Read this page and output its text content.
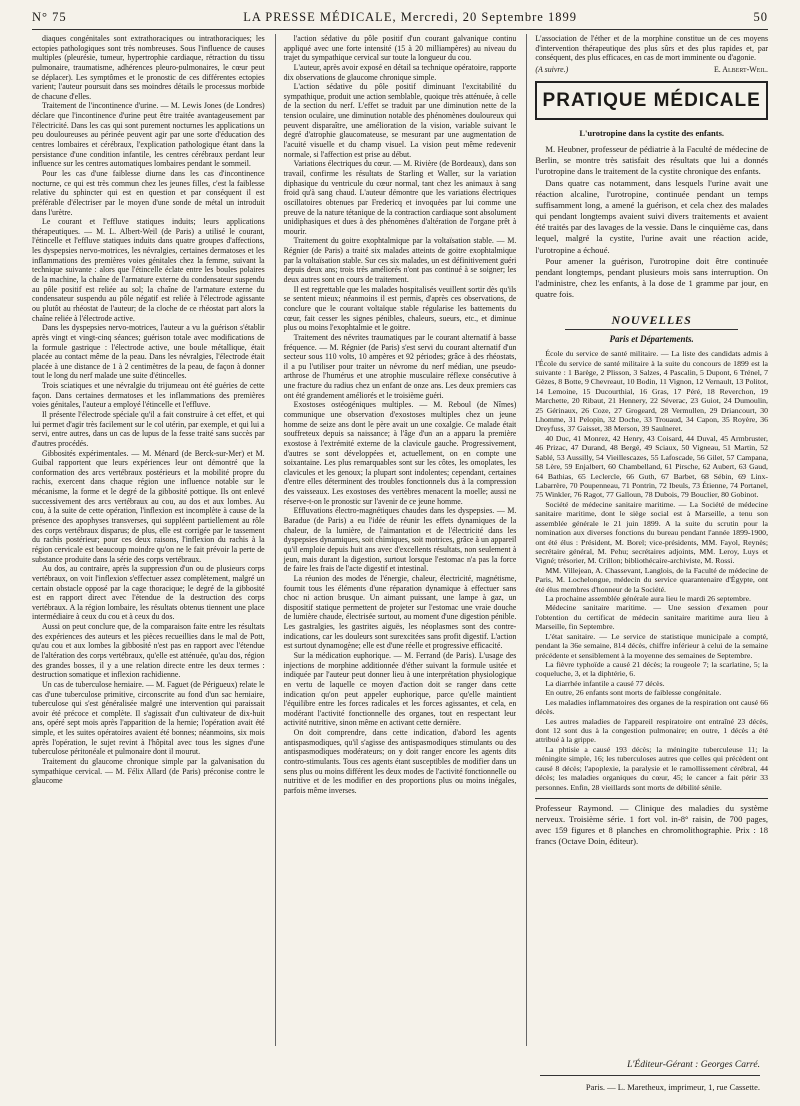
N° 75	LA PRESSE MÉDICALE, Mercredi, 20 Septembre 1899	50

diaques congénitales sont extrathoraciques ou intrathoraciques; les ectopies pathologiques sont très nombreuses. Sous l'influence de causes multiples (pleurésie, tumeur, hypertrophie cardiaque, rétraction du tissu pulmonaire, traumatisme, adhérences pleuro-pulmonaires, le cœur peut se déplacer). Les symptômes et le pronostic de ces différentes ectopies varient; l'auteur poursuit dans ses moindres détails le processus morbide de chacune d'elles.

Traitement de l'incontinence d'urine. — M. Lewis Jones (de Londres) déclare que l'incontinence d'urine peut être traitée avantageusement par l'électricité. Dans les cas qui sont purement nocturnes les applications un peu douloureuses au périnée peuvent agir par une sorte d'éducation des centres lombaires et cérébraux, l'explication pathologique étant dans la persistance d'une condition infantile, les centres cérébraux perdant leur influence sur les centres automatiques lombaires pendant le sommeil.

Pour les cas d'une faiblesse diurne dans les cas d'incontinence nocturne, ce qui est très commun chez les jeunes filles, c'est la faiblesse relative du sphincter qui est en question et par conséquent il est préférable d'électriser par le moyen d'une sonde de métal un introduit dans l'urètre.

Le courant et l'effluve statiques induits; leurs applications thérapeutiques. — M. L. Albert-Weil (de Paris) a utilisé le courant, l'étincelle et l'effluve statiques induits dans quatre groupes d'affections, les dyspepsies nervo-motrices, les névralgies, certaines dermatoses et les inflammations des premières voies génitales chez la femme, suivant la technique suivante : alors que l'étincelle éclate entre les boules polaires de la machine, la chaîne de l'armature externe du condensateur suspendu au pôle positif est reliée au sol; la chaîne de l'armature externe du condensateur suspendu au pôle négatif est reliée à l'électrode agissante ou plutôt au rhéostat de l'auteur; de la cloche de ce rhéostat part alors la chaîne reliée à l'électrode active.

Dans les dyspepsies nervo-motrices, l'auteur a vu la guérison s'établir après vingt et vingt-cinq séances; guérison totale avec modifications de la formule gastrique : l'électrode active, une boule métallique, était placée au contact même de la peau. Dans les névralgies, l'électrode était placée à une distance de 1 à 2 centimètres de la peau, de façon à donner tout le long du nerf malade une suite d'étincelles.

Trois sciatiques et une névralgie du trijumeau ont été guéries de cette façon. Dans certaines dermatoses et les inflammations des premières voies génitales, l'auteur a employé l'étincelle et l'effluve.

Il présente l'électrode spéciale qu'il a fait construire à cet effet, et qui lui permet d'agir très facilement sur le col utérin, par exemple, et qui lui a servi, entre autres, dans un cas de lupus de la fesse traité sans succès par d'autres procédés.

Gibbosités expérimentales. — M. Ménard (de Berck-sur-Mer) et M. Guibal rapportent que leurs expériences leur ont démontré que la conformation des arcs vertébraux postérieurs et la mobilité propre du rachis, exercent dans chaque région une influence notable sur le mécanisme, la forme et le degré de la gibbosité pottique. Ils ont enlevé successivement des arcs vertébraux au cou, au dos et aux lombes. Au cou, à la suite de cette opération, l'inflexion est incomplète à cause de la présence des apophyses transverses, qui suppléent partiellement au rôle des corps vertébraux disparus; de plus, elle est corrigée par le tassement du rachis postérieur; pour ces deux raisons, l'inflexion du rachis à la région cervicale est beaucoup moindre qu'on ne le fait prévoir la perte de substance produite dans la série des corps vertébraux.

Au dos, au contraire, après la suppression d'un ou de plusieurs corps vertébraux, on voit l'inflexion s'effectuer assez complètement, malgré un certain obstacle opposé par la cage thoracique; le degré de la gibbosité est en rapport direct avec l'étendue de la destruction des corps vertébraux. A la région lombaire, les résultats obtenus tiennent une place intermédiaire à ceux du cou et à ceux du dos.

Aussi on peut conclure que, de la comparaison faite entre les résultats des expériences des auteurs et les pièces recueillies dans le mal de Pott, qu'au cou et aux lombes la gibbosité n'est pas en rapport avec l'étendue de l'altération des corps vertébraux, qu'elle est atténuée, qu'au dos, région des grandes bosses, il y a une relation directe entre les deux termes : destruction somatique et inflexion rachidienne.

Un cas de tuberculose herniaire. — M. Faguet (de Périgueux) relate le cas d'une tuberculose primitive, circonscrite au fond d'un sac herniaire, tuberculose qui s'est généralisée malgré une intervention qui paraissait avoir été précoce et complète. Il s'agissait d'un cultivateur de dix-huit ans, opéré sept mois après l'apparition de la hernie; l'opération avait été simple, et les suites opératoires avaient été bonnes; néanmoins, six mois après l'opération, le sujet revint à l'hôpital avec tous les signes d'une tuberculose péritonéale et pulmonaire dont il mourut.

Traitement du glaucome chronique simple par la galvanisation du sympathique cervical. — M. Félix Allard (de Paris) préconise contre le glaucome

l'action sédative du pôle positif d'un courant galvanique continu appliqué avec une forte intensité (15 à 20 milliampères) au niveau du trajet du sympathique cervical sur toute la longueur du cou.

L'auteur, après avoir exposé en détail sa technique opératoire, rapporte dix observations de glaucome chronique simple.

L'action sédative du pôle positif diminuant l'excitabilité du sympathique, produit une action semblable, quoique très atténuée, à celle de la section du nerf. L'effet se traduit par une diminution nette de la tension oculaire, une diminution notable des phénomènes douloureux qui peuvent disparaître, une amélioration de la vision, variable suivant le degré d'atrophie glaucomateuse, se mesurant par une augmentation de l'acuité visuelle et du champ visuel. La vision peut même redevenir normale, si l'affection est prise au début.

Variations électriques du cœur. — M. Rivière (de Bordeaux), dans son travail, confirme les résultats de Starling et Waller, sur la variation diphasique du ventricule du cœur normal, tant chez les animaux à sang froid qu'à sang chaud. L'auteur démontre que les variations électriques oscillatoires obtenues par Fredericq et invoquées par lui comme une preuve de la nature tétanique de la contraction cardiaque sont absolument unidiphasiques et dues à des phénomènes d'altération de l'organe prêt à mourir.

Traitement du goitre exophtalmique par la voltaïsation stable. — M. Régnier (de Paris) a traité six malades atteints de goitre exophtalmique par la voltaïsation stable. Sur ces six malades, un est définitivement guéri depuis deux ans; trois très améliorés n'ont pas continué à se soigner; les deux autres sont en cours de traitement.

Il est regrettable que les malades hospitalisés veuillent sortir dès qu'ils se sentent mieux; néanmoins il est permis, d'après ces observations, de conclure que le courant voltaïque stable régularise les battements du cœur, fait cesser les signes pénibles, chaleurs, sueurs, etc., et diminue plus ou moins l'exophtalmie et le goitre.

Traitement des névrites traumatiques par le courant alternatif à basse fréquence. — M. Régnier (de Paris) s'est servi du courant alternatif d'un secteur sous 110 volts, 10 ampères et 92 périodes; grâce à des rhéostats, il a pu l'utiliser pour traiter un névrome du nerf médian, une pseudo-arthrose de l'humérus et une atrophie musculaire réflexe consécutive à une fracture du radius chez un enfant de onze ans. Les deux premiers cas ont été grandement améliorés et le troisième guéri.

Exostoses ostéogéniques multiples. — M. Reboul (de Nîmes) communique une observation d'exostoses multiples chez un jeune homme de seize ans dont le père avait un une coxalgie. Ce malade était souffreteux depuis sa naissance; à l'âge d'un an a apparu la première exostose à l'extrémité externe de la clavicule gauche. Progressivement, d'autres se sont développées et, actuellement, on en compte une soixantaine. Les plus remarquables sont sur les côtes, les omoplates, les clavicules et les genoux; la plupart sont indolentes; cependant, certaines d'entre elles déterminent des troubles fonctionnels dus à la compression des vaisseaux. Les exostoses des vertèbres menacent la moelle; aussi ne réserve-t-on le pronostic sur l'avenir de ce jeune homme.

Effluvations électro-magnétiques chaudes dans les dyspepsies. — M. Baradue (de Paris) a eu l'idée de réunir les effets dynamiques de la chaleur, de la lumière, de l'aimantation et de l'électricité dans les dyspepsies dynamiques, soit chimiques, soit motrices, grâce à un appareil qu'il emploie depuis huit ans avec d'excellents résultats, non seulement à jeun, mais durant la digestion, surtout lorsque l'estomac n'a pas la force de faire les frais de l'acte digestif et intestinal.

La réunion des modes de l'énergie, chaleur, électricité, magnétisme, fournit tous les éléments d'une réparation dynamique à effectuer sans choc ni action brusque. Un aimant puissant, une lampe à gaz, un dispositif statique permettent de projeter sur l'estomac une vraie douche de lumière chaude, électrisée surtout, au moment d'une digestion pénible. Les gastralgies, les gastrites aiguës, les néoplasmes sont des contre-indications, car les douleurs sont surexcitées sans profit digestif. L'action est surtout dynamogène; elle est d'une réelle et progressive efficacité.

Sur la médication euphorique. — M. Ferrand (de Paris). L'usage des injections de morphine additionnée d'éther suivant la formule usitée et indiquée par l'auteur peut donner lieu à une interprétation physiologique en vertu de laquelle ce moyen d'action doit se ranger dans cette indication qu'on peut appeler euphorique, parce qu'elle maintient l'équilibre entre les forces radicales et les forces agissantes, et cela, en modérant l'activité fonctionnelle des organes, tout en respectant leur activité nutritive, sinon même en activant cette dernière.

On doit comprendre, dans cette indication, d'abord les agents antispasmodiques, qu'il s'agisse des antispasmodiques stimulants ou des antispasmodiques modérateurs; on y doit ranger encore les agents dits contro-stimulants. Tous ces agents étant susceptibles de modifier dans un sens plus ou moins différent les deux modes de l'activité fonctionnelle ou nutritive et de les modifier en des proportions plus ou moins inégales, parfois même inverses.

L'association de l'éther et de la morphine constitue un de ces moyens d'intervention thérapeutique des plus sûrs et des plus rapides et, par conséquent, des plus efficaces, en cas de mort imminente ou d'agonie.

(A suivre.)	E. Albert-Weil.
PRATIQUE MÉDICALE
L'urotropine dans la cystite des enfants.

M. Heubner, professeur de pédiatrie à la Faculté de médecine de Berlin, se montre très satisfait des résultats que lui a donnés l'urotropine dans le traitement de la cystite chronique des enfants.

Dans quatre cas notamment, dans lesquels l'urine avait une réaction alcaline, l'urotropine, continuée pendant un temps suffisamment long, a amené la guérison, et cela chez des malades qui pendant longtemps avaient suivi divers traitements et avaient été traités par des lavages de la vessie. Dans le cinquième cas, dans lequel, malgré la cystite, l'urine avait une réaction acide, l'urotropine a échoué.

Pour amener la guérison, l'urotropine doit être continuée pendant longtemps, pendant plusieurs mois sans interruption. On l'administre, chez les enfants, à la dose de 1 gramme par jour, en quatre fois.

NOUVELLES
Paris et Départements.

École du service de santé militaire. — La liste des candidats admis à l'École du service de santé militaire à la suite du concours de 1899 est la suivante : 1 Barège, 2 Plisson, 3 Salzes, 4 Pascalin, 5 Dupont, 6 Trénel, 7 Gèzes, 8 Botte, 9 Chevreaut, 10 Bodin, 11 Vignon, 12 Vernault, 13 Politot, 14 Lemoine, 15 Ducourthial, 16 Gras, 17 Péré, 18 Reverchon, 19 Marchette, 20 Ribaut, 21 Hennery, 22 Séverac, 23 Guiot, 24 Dumoulin, 25 Gérinaux, 26 Coze, 27 Grogeard, 28 Vermullen, 29 Driancourt, 30 Lhomme, 31 Pelopin, 32 Doche, 33 Trouaud, 34 Capon, 35 Royère, 36 Dreyfuss, 37 Gaisset, 38 Merson, 39 Saulneret.

40 Duc, 41 Monrez, 42 Henry, 43 Coisard, 44 Duval, 45 Armbruster, 46 Prizac, 47 Durand, 48 Bergé, 49 Sciaux, 50 Vigneau, 51 Martin, 52 Sablé, 53 Aussilly, 54 Vieillescazes, 55 Lafoscade, 56 Gilet, 57 Campana, 58 Lère, 59 Enjalbert, 60 Chambelland, 61 Pirsche, 62 Aubert, 63 Gaud, 64 Bathias, 65 Leclercle, 66 Guth, 67 Barbet, 68 Sébin, 69 Linx-Labarrère, 70 Poupenneau, 71 Pontrin, 72 Ibeuls, 73 Étienne, 74 Portanel, 75 Winkler, 76 Ragot, 77 Galloun, 78 Dubois, 79 Bouclier, 80 Gobinot.

Société de médecine sanitaire maritime. — La Société de médecine sanitaire maritime, dont le siège social est à Marseille, a tenu son assemblée générale le 21 juin 1899. A la suite du scrutin pour la nomination aux diverses fonctions du bureau pendant l'année 1899-1900, ont été élus : Président, M. Borel; vice-présidents, MM. Fayol, Reynès; secrétaire général, M. Pehu; secrétaires adjoints, MM. Leroy, Luys et Vigné; trésorier, M. Crillon; bibliothécaire-archiviste, M. Rossi.

MM. Villejean, A. Chassevant, Langlois, de la Faculté de médecine de Paris, M. Lochelongue, médecin du service quarantenaire d'Égypte, ont été élus membres d'honneur de la Société.

La prochaine assemblée générale aura lieu le mardi 26 septembre.

Médecine sanitaire maritime. — Une session d'examen pour l'obtention du certificat de médecin sanitaire maritime aura lieu à Marseille, fin Septembre.

L'état sanitaire. — Le service de statistique municipale a compté, pendant la 36e semaine, 814 décès, chiffre inférieur à celui de la semaine précédente et sensiblement à la moyenne des semaines de Septembre.

La fièvre typhoïde a causé 21 décès; la rougeole 7; la scarlatine, 5; la coqueluche, 3, et la diphtérie, 6.

La diarrhée infantile a causé 77 décès.

En outre, 26 enfants sont morts de faiblesse congénitale.

Les maladies inflammatoires des organes de la respiration ont causé 66 décès.

Les autres maladies de l'appareil respiratoire ont entraîné 23 décès, dont 12 sont dus à la congestion pulmonaire; en outre, 1 décès a été attribué à la grippe.

La phtisie a causé 193 décès; la méningite tuberculeuse 11; la méningite simple, 16; les tuberculoses autres que celles qui précèdent ont causé 8 décès; l'apoplexie, la paralysie et le ramollissement cérébral, 44 décès; les maladies organiques du cœur, 45; le cancer a fait périr 33 personnes. Enfin, 28 vieillards sont morts de débilité sénile.

Professeur Raymond. — Clinique des maladies du système nerveux. Troisième série. 1 fort vol. in-8° raisin, de 700 pages, avec 159 figures et 8 planches en chromolithographie. Prix : 18 francs (Octave Doin, éditeur).

L'Éditeur-Gérant : Georges Carré.
Paris. — L. Maretheux, imprimeur, 1, rue Cassette.
